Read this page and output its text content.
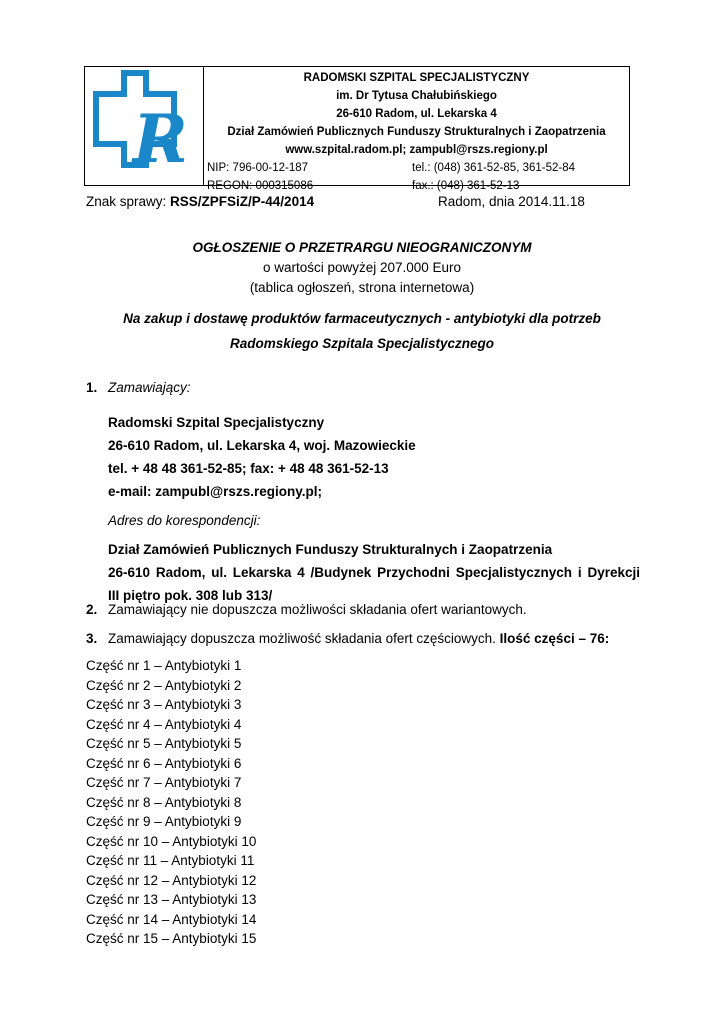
R
RADOMSKI SZPITAL SPECJALISTYCZNY
im. Dr Tytusa Chałubińskiego
26-610 Radom, ul. Lekarska 4
Dział Zamówień Publicznych Funduszy Strukturalnych i Zaopatrzenia
www.szpital.radom.pl; zampubl@rszs.regiony.pl
NIP: 796-00-12-187	tel.: (048) 361-52-85, 361-52-84
REGON: 000315086	fax.: (048) 361-52-13
Znak sprawy: RSS/ZPFSiZ/P-44/2014	Radom, dnia 2014.11.18
OGŁOSZENIE O PRZETRARGU NIEOGRANICZONYM
o wartości powyżej 207.000 Euro
(tablica ogłoszeń, strona internetowa)
Na zakup i dostawę produktów farmaceutycznych - antybiotyki dla potrzeb
Radomskiego Szpitala Specjalistycznego
1. Zamawiający:
Radomski Szpital Specjalistyczny
26-610 Radom, ul. Lekarska 4, woj. Mazowieckie
tel. + 48 48 361-52-85; fax: + 48 48 361-52-13
e-mail: zampubl@rszs.regiony.pl;
Adres do korespondencji:
Dział Zamówień Publicznych Funduszy Strukturalnych i Zaopatrzenia
26-610 Radom, ul. Lekarska 4 /Budynek Przychodni Specjalistycznych i Dyrekcji
III piętro pok. 308 lub 313/
2. Zamawiający nie dopuszcza możliwości składania ofert wariantowych.
3. Zamawiający dopuszcza możliwość składania ofert częściowych. Ilość części – 76:
Część nr 1 – Antybiotyki 1
Część nr 2 – Antybiotyki 2
Część nr 3 – Antybiotyki 3
Część nr 4 – Antybiotyki 4
Część nr 5 – Antybiotyki 5
Część nr 6 – Antybiotyki 6
Część nr 7 – Antybiotyki 7
Część nr 8 – Antybiotyki 8
Część nr 9 – Antybiotyki 9
Część nr 10 – Antybiotyki 10
Część nr 11 – Antybiotyki 11
Część nr 12 – Antybiotyki 12
Część nr 13 – Antybiotyki 13
Część nr 14 – Antybiotyki 14
Część nr 15 – Antybiotyki 15
